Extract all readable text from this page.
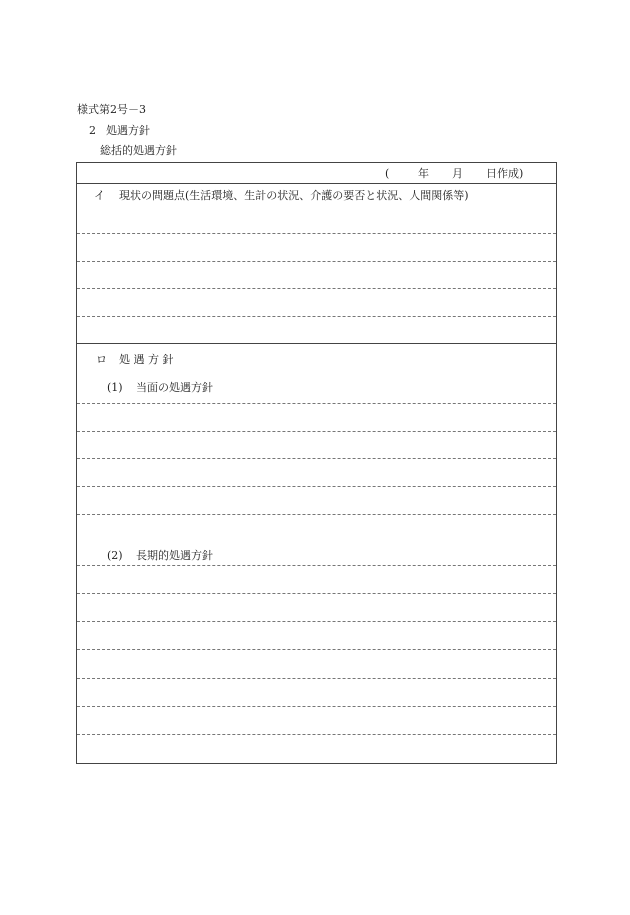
様式第2号－3
2 処遇方針
総括的処遇方針
(	年 月 日作成)
イ 現状の問題点(生活環境、生計の状況、介護の要否と状況、人間関係等)
ロ 処 遇 方 針
(1) 当面の処遇方針
(2) 長期的処遇方針
